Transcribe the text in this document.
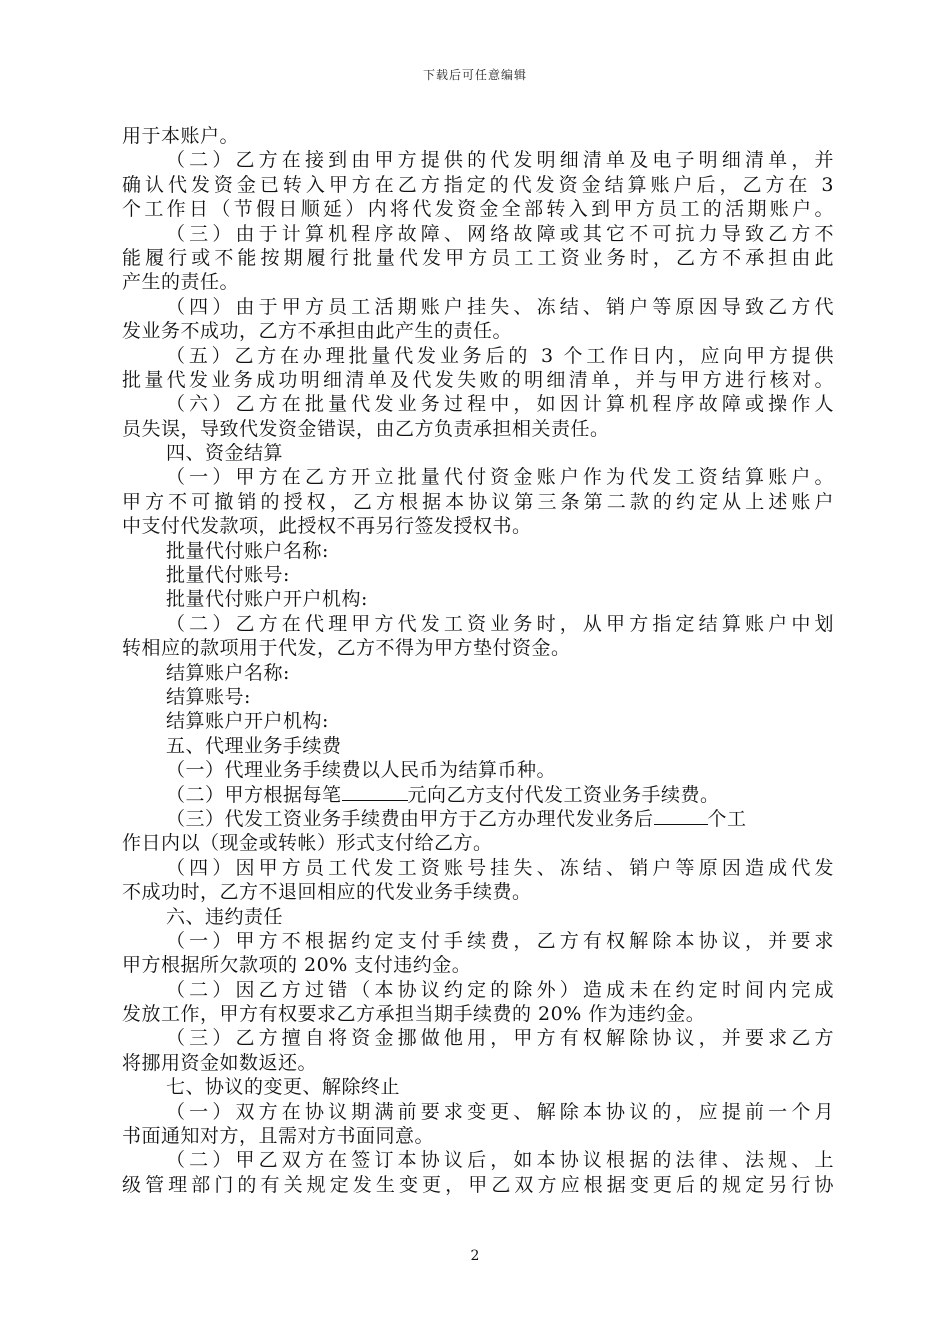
下载后可任意编辑
用于本账户。
（二）乙方在接到由甲方提供的代发明细清单及电子明细清单，并
确认代发资金已转入甲方在乙方指定的代发资金结算账户后，乙方在 3
个工作日（节假日顺延）内将代发资金全部转入到甲方员工的活期账户。
（三）由于计算机程序故障、网络故障或其它不可抗力导致乙方不
能履行或不能按期履行批量代发甲方员工工资业务时，乙方不承担由此
产生的责任。
（四）由于甲方员工活期账户挂失、冻结、销户等原因导致乙方代
发业务不成功，乙方不承担由此产生的责任。
（五）乙方在办理批量代发业务后的 3 个工作日内，应向甲方提供
批量代发业务成功明细清单及代发失败的明细清单，并与甲方进行核对。
（六）乙方在批量代发业务过程中，如因计算机程序故障或操作人
员失误，导致代发资金错误，由乙方负责承担相关责任。
四、资金结算
（一）甲方在乙方开立批量代付资金账户作为代发工资结算账户。
甲方不可撤销的授权，乙方根据本协议第三条第二款的约定从上述账户
中支付代发款项，此授权不再另行签发授权书。
批量代付账户名称:
批量代付账号:
批量代付账户开户机构:
（二）乙方在代理甲方代发工资业务时，从甲方指定结算账户中划
转相应的款项用于代发，乙方不得为甲方垫付资金。
结算账户名称:
结算账号:
结算账户开户机构:
五、代理业务手续费
（一）代理业务手续费以人民币为结算币种。
（二）甲方根据每笔	元向乙方支付代发工资业务手续费。
（三）代发工资业务手续费由甲方于乙方办理代发业务后	个工
作日内以（现金或转帐）形式支付给乙方。
（四）因甲方员工代发工资账号挂失、冻结、销户等原因造成代发
不成功时，乙方不退回相应的代发业务手续费。
六、违约责任
（一）甲方不根据约定支付手续费，乙方有权解除本协议，并要求
甲方根据所欠款项的 20% 支付违约金。
（二）因乙方过错（本协议约定的除外）造成未在约定时间内完成
发放工作，甲方有权要求乙方承担当期手续费的 20% 作为违约金。
（三）乙方擅自将资金挪做他用，甲方有权解除协议，并要求乙方
将挪用资金如数返还。
七、协议的变更、解除终止
（一）双方在协议期满前要求变更、解除本协议的，应提前一个月
书面通知对方，且需对方书面同意。
（二）甲乙双方在签订本协议后，如本协议根据的法律、法规、上
级管理部门的有关规定发生变更，甲乙双方应根据变更后的规定另行协
2
